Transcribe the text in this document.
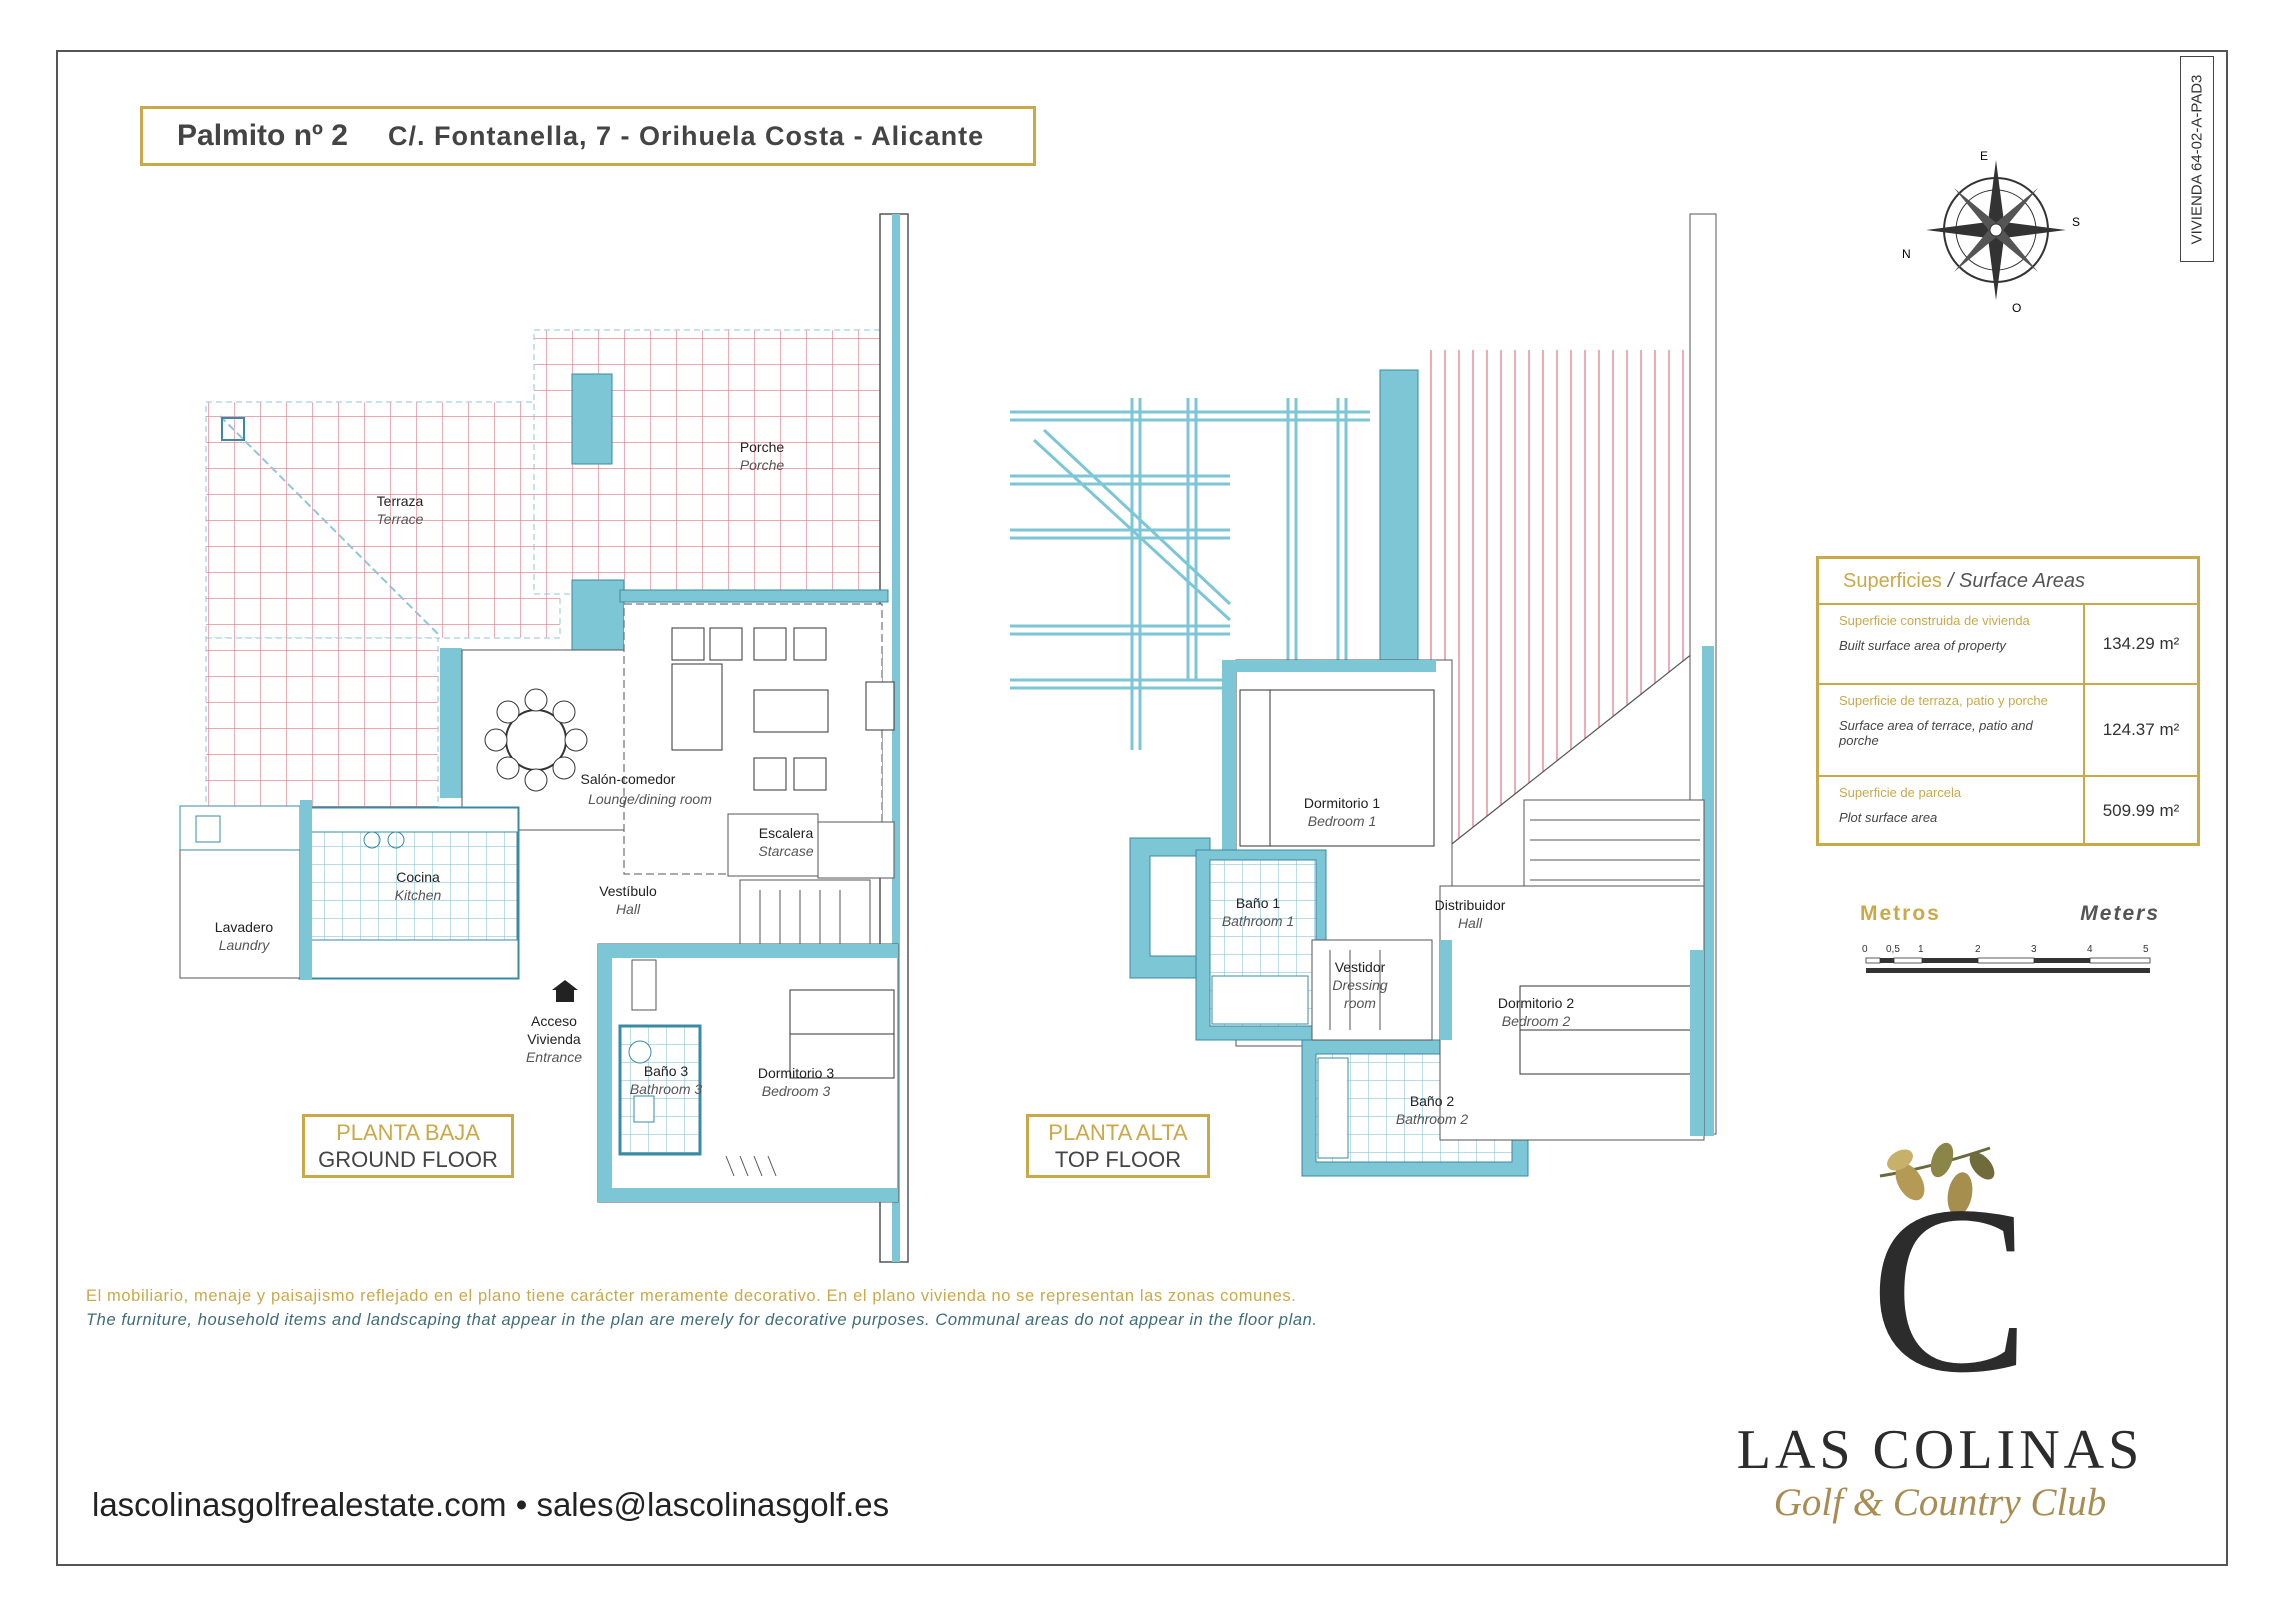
Palmito nº 2 C/. Fontanella, 7 - Orihuela Costa - Alicante	VIVIENDA 64-02-A-PAD3
N
S
E
O
Terraza
Terrace
Porche
Porche
Salón-comedor
Lounge/dining room
Escalera
Starcase
Cocina
Kitchen	Vestíbulo
Hall
Lavadero
Laundry
Acceso
Vivienda
Entrance
Baño 3
Bathroom 3
Dormitorio 3
Bedroom 3
Dormitorio 1
Bedroom 1
Distribuidor
Hall
Baño 1
Bathroom 1
Vestidor
Dressing
room	Dormitorio 2
Bedroom 2
Baño 2
Bathroom 2
0 0,5 1	2	3	4	5
C
PLANTA BAJA
GROUND FLOOR
PLANTA ALTA
TOP FLOOR
Superficies / Surface Areas
Superficie construida de vivienda
Built surface area of property	134.29 m²
Superficie de terraza, patio y porche
Surface area of terrace, patio and porche
124.37 m²
Superficie de parcela
Plot surface area	509.99 m²
Metros	Meters
El mobiliario, menaje y paisajismo reflejado en el plano tiene carácter meramente decorativo. En el plano vivienda no se representan las zonas comunes.
The furniture, household items and landscaping that appear in the plan are merely for decorative purposes. Communal areas do not appear in the floor plan.
lascolinasgolfrealestate.com • sales@lascolinasgolf.es
LAS COLINAS
Golf & Country Club
